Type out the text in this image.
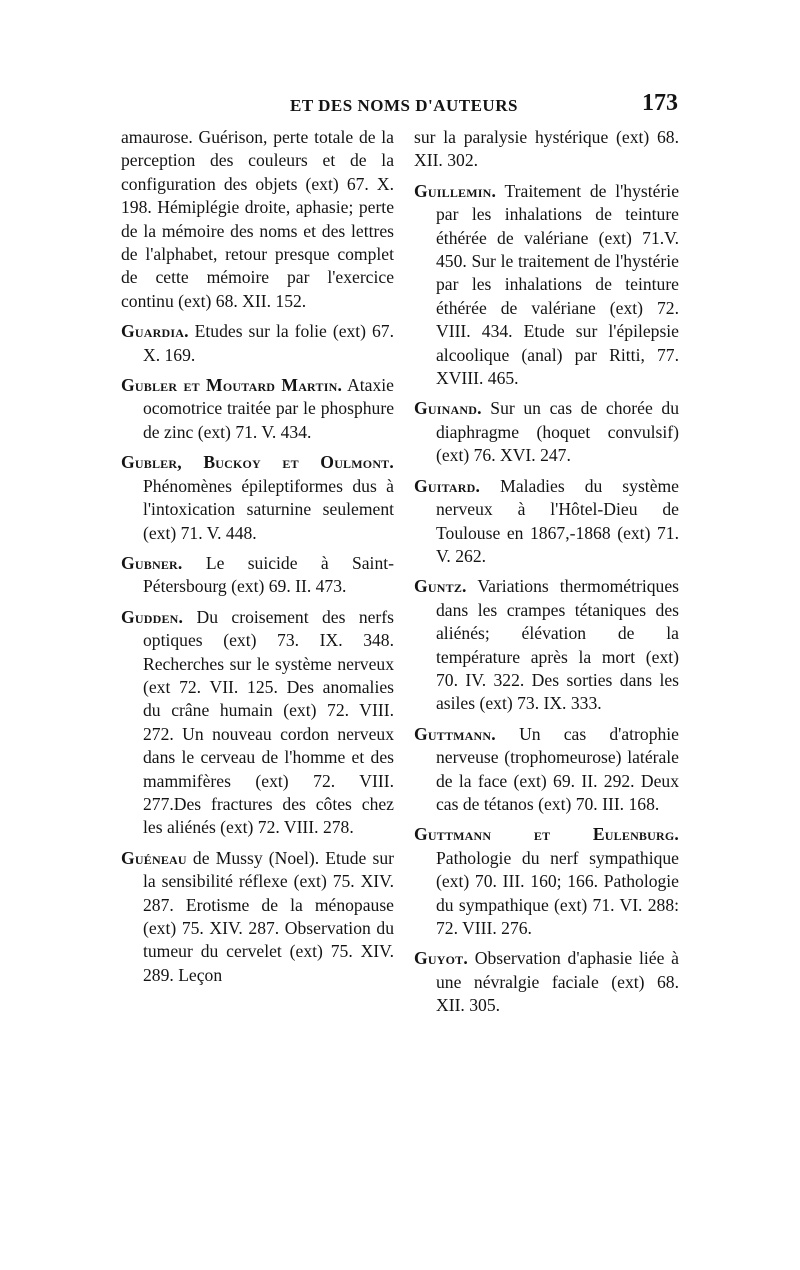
ET DES NOMS D'AUTEURS	173

amaurose. Guérison, perte totale de la perception des couleurs et de la configuration des objets (ext) 67. X. 198. Hémiplégie droite, aphasie; perte de la mémoire des noms et des lettres de l'alphabet, retour presque complet de cette mémoire par l'exercice continu (ext) 68. XII. 152.

Guardia. Etudes sur la folie (ext) 67. X. 169.

Gubler et Moutard Martin. Ataxie ocomotrice traitée par le phosphure de zinc (ext) 71. V. 434.

Gubler, Buckoy et Oulmont. Phénomènes épileptiformes dus à l'intoxication saturnine seulement (ext) 71. V. 448.

Gubner. Le suicide à Saint-Pétersbourg (ext) 69. II. 473.

Gudden. Du croisement des nerfs optiques (ext) 73. IX. 348. Recherches sur le système nerveux (ext 72. VII. 125. Des anomalies du crâne humain (ext) 72. VIII. 272. Un nouveau cordon nerveux dans le cerveau de l'homme et des mammifères (ext) 72. VIII. 277.Des fractures des côtes chez les aliénés (ext) 72. VIII. 278.

Guéneau de Mussy (Noel). Etude sur la sensibilité réflexe (ext) 75. XIV. 287. Erotisme de la ménopause (ext) 75. XIV. 287. Observation du tumeur du cervelet (ext) 75. XIV. 289. Leçon

sur la paralysie hystérique (ext) 68. XII. 302.

Guillemin. Traitement de l'hystérie par les inhalations de teinture éthérée de valériane (ext) 71.V. 450. Sur le traitement de l'hystérie par les inhalations de teinture éthérée de valériane (ext) 72. VIII. 434. Etude sur l'épilepsie alcoolique (anal) par Ritti, 77. XVIII. 465.

Guinand. Sur un cas de chorée du diaphragme (hoquet convulsif) (ext) 76. XVI. 247.

Guitard. Maladies du système nerveux à l'Hôtel-Dieu de Toulouse en 1867,-1868 (ext) 71. V. 262.

Guntz. Variations thermométriques dans les crampes tétaniques des aliénés; élévation de la température après la mort (ext) 70. IV. 322. Des sorties dans les asiles (ext) 73. IX. 333.

Guttmann. Un cas d'atrophie nerveuse (trophomeurose) latérale de la face (ext) 69. II. 292. Deux cas de tétanos (ext) 70. III. 168.

Guttmann et Eulenburg. Pathologie du nerf sympathique (ext) 70. III. 160; 166. Pathologie du sympathique (ext) 71. VI. 288: 72. VIII. 276.

Guyot. Observation d'aphasie liée à une névralgie faciale (ext) 68. XII. 305.
